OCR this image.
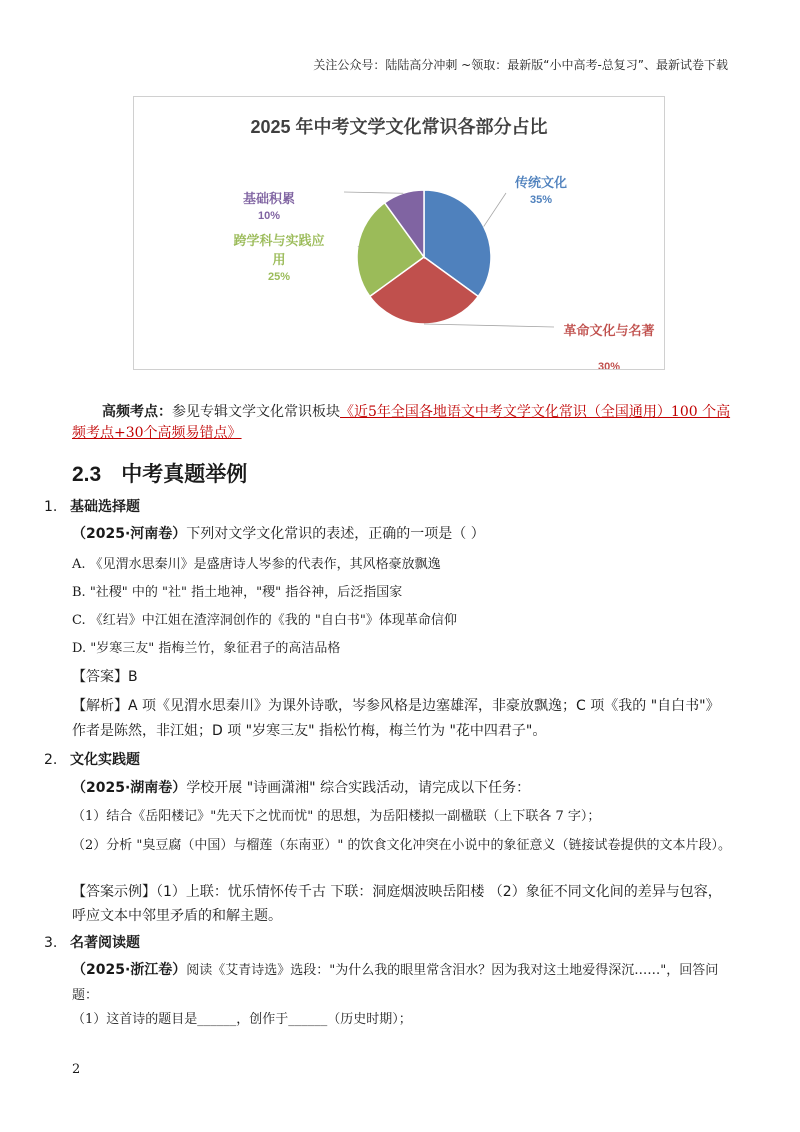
关注公众号：陆陆高分冲刺 ~领取：最新版“小中高考-总复习”、最新试卷下载
2025 年中考文学文化常识各部分占比
传统文化
35%
革命文化与名著
30%
跨学科与实践应
用
25%
基础积累
10%
高频考点：参见专辑文学文化常识板块《近5年全国各地语文中考文学文化常识（全国通用）100 个高频考点+30个高频易错点》
2.3 中考真题举例
1. 基础选择题
（2025·河南卷）下列对文学文化常识的表述，正确的一项是（ ）
A. 《见渭水思秦川》是盛唐诗人岑参的代表作，其风格豪放飘逸
B. "社稷" 中的 "社" 指土地神，"稷" 指谷神，后泛指国家
C. 《红岩》中江姐在渣滓洞创作的《我的 "自白书"》体现革命信仰
D. "岁寒三友" 指梅兰竹，象征君子的高洁品格
【答案】B
【解析】A 项《见渭水思秦川》为课外诗歌，岑参风格是边塞雄浑，非豪放飘逸；C 项《我的 "自白书"》作者是陈然，非江姐；D 项 "岁寒三友" 指松竹梅，梅兰竹为 "花中四君子"。
2. 文化实践题
（2025·湖南卷）学校开展 "诗画潇湘" 综合实践活动，请完成以下任务：
（1）结合《岳阳楼记》"先天下之忧而忧" 的思想，为岳阳楼拟一副楹联（上下联各 7 字）；
（2）分析 "臭豆腐（中国）与榴莲（东南亚）" 的饮食文化冲突在小说中的象征意义（链接试卷提供的文本片段）。
【答案示例】（1）上联：忧乐情怀传千古 下联：洞庭烟波映岳阳楼 （2）象征不同文化间的差异与包容，呼应文本中邻里矛盾的和解主题。
3. 名著阅读题
（2025·浙江卷）阅读《艾青诗选》选段："为什么我的眼里常含泪水？因为我对这土地爱得深沉……"，回答问题：
（1）这首诗的题目是______，创作于______（历史时期）；
2
